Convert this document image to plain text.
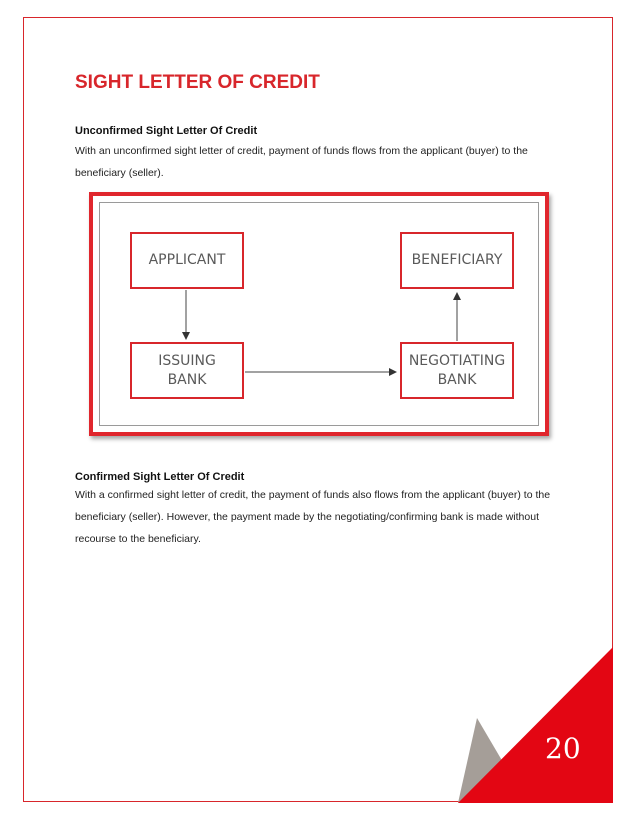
SIGHT LETTER OF CREDIT
Unconfirmed Sight Letter Of Credit

With an unconfirmed sight letter of credit, payment of funds flows from the applicant (buyer) to the
beneficiary (seller).

APPLICANT	BENEFICIARY
ISSUING
BANK
NEGOTIATING
BANK
Confirmed Sight Letter Of Credit

With a confirmed sight letter of credit, the payment of funds also flows from the applicant (buyer) to the
beneficiary (seller). However, the payment made by the negotiating/confirming bank is made without
recourse to the beneficiary.

20
